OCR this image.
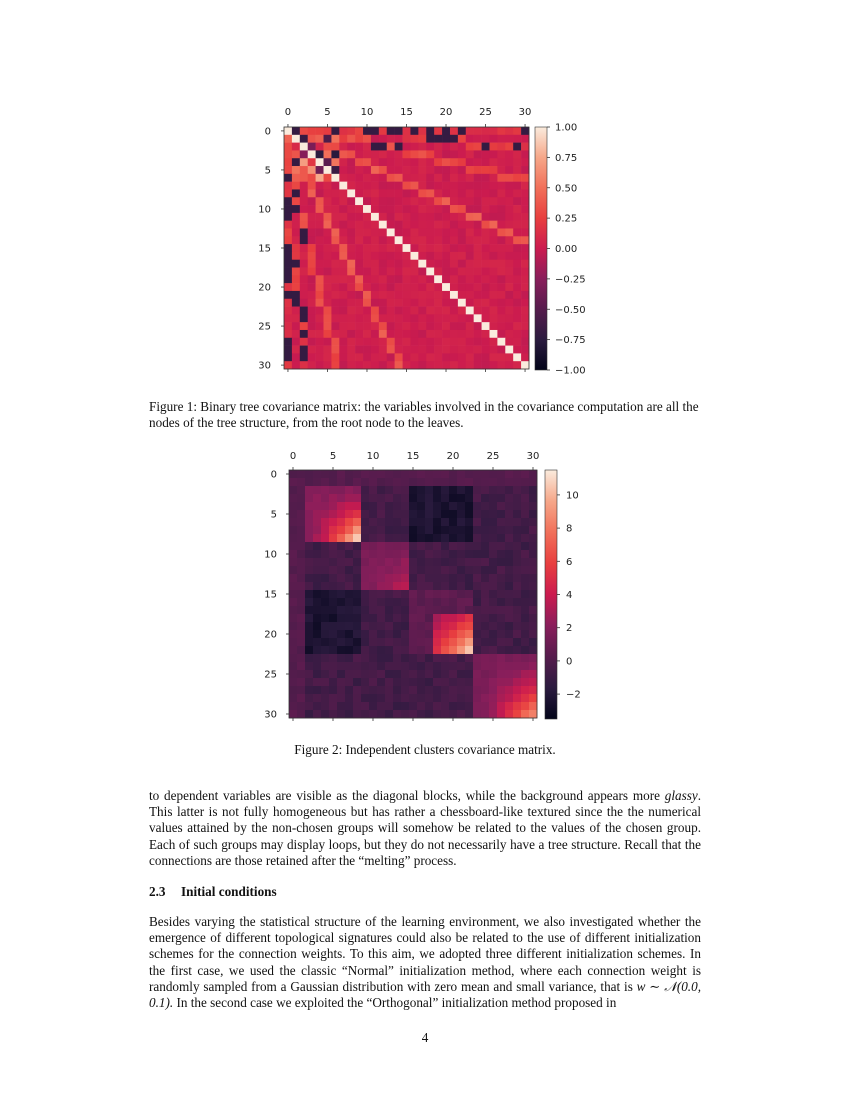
0	5	10	15	20	25	30
0
5
10
15
20
25
30
1.00
0.75
0.50
0.25
0.00
−0.25
−0.50
−0.75
−1.00
Figure 1: Binary tree covariance matrix: the variables involved in the covariance computation are all the nodes of the tree structure, from the root node to the leaves.
0	5	10	15	20	25	30
0
5
10
15
20
25
30
10
8
6
4
2
0
−2
Figure 2: Independent clusters covariance matrix.

to dependent variables are visible as the diagonal blocks, while the background appears more glassy. This latter is not fully homogeneous but has rather a chessboard-like textured since the the numerical values attained by the non-chosen groups will somehow be related to the values of the chosen group. Each of such groups may display loops, but they do not necessarily have a tree structure. Recall that the connections are those retained after the “melting” process.

2.3 Initial conditions

Besides varying the statistical structure of the learning environment, we also investigated whether the emergence of different topological signatures could also be related to the use of different initialization schemes for the connection weights. To this aim, we adopted three different initialization schemes. In the first case, we used the classic “Normal” initialization method, where each connection weight is randomly sampled from a Gaussian distribution with zero mean and small variance, that is w ∼ 𝒩(0.0, 0.1). In the second case we exploited the “Orthogonal” initialization method proposed in

4
